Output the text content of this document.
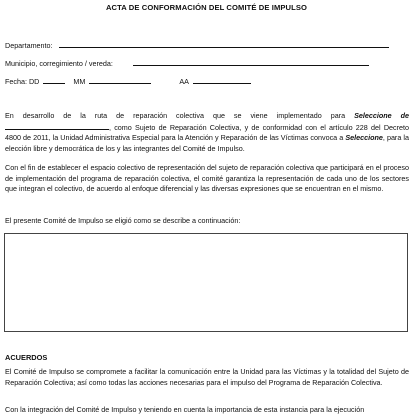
ACTA DE CONFORMACIÓN DEL COMITÉ DE IMPULSO
Departamento:
Municipio, corregimiento / vereda:
Fecha: DD	MM	AA
En desarrollo de la ruta de reparación colectiva que se viene implementado para Seleccione de , como Sujeto de Reparación Colectiva, y de conformidad con el artículo 228 del Decreto 4800 de 2011, la Unidad Administrativa Especial para la Atención y Reparación de las Víctimas convoca a Seleccione, para la elección libre y democrática de los y las integrantes del Comité de Impulso.
Con el fin de establecer el espacio colectivo de representación del sujeto de reparación colectiva que participará en el proceso de implementación del programa de reparación colectiva, el comité garantiza la representación de cada uno de los sectores que integran el colectivo, de acuerdo al enfoque diferencial y las diversas expresiones que se encuentran en el mismo.
El presente Comité de Impulso se eligió como se describe a continuación:
ACUERDOS
El Comité de Impulso se compromete a facilitar la comunicación entre la Unidad para las Víctimas y la totalidad del Sujeto de Reparación Colectiva; así como todas las acciones necesarias para el impulso del Programa de Reparación Colectiva.
Con la integración del Comité de Impulso y teniendo en cuenta la importancia de esta instancia para la ejecución
